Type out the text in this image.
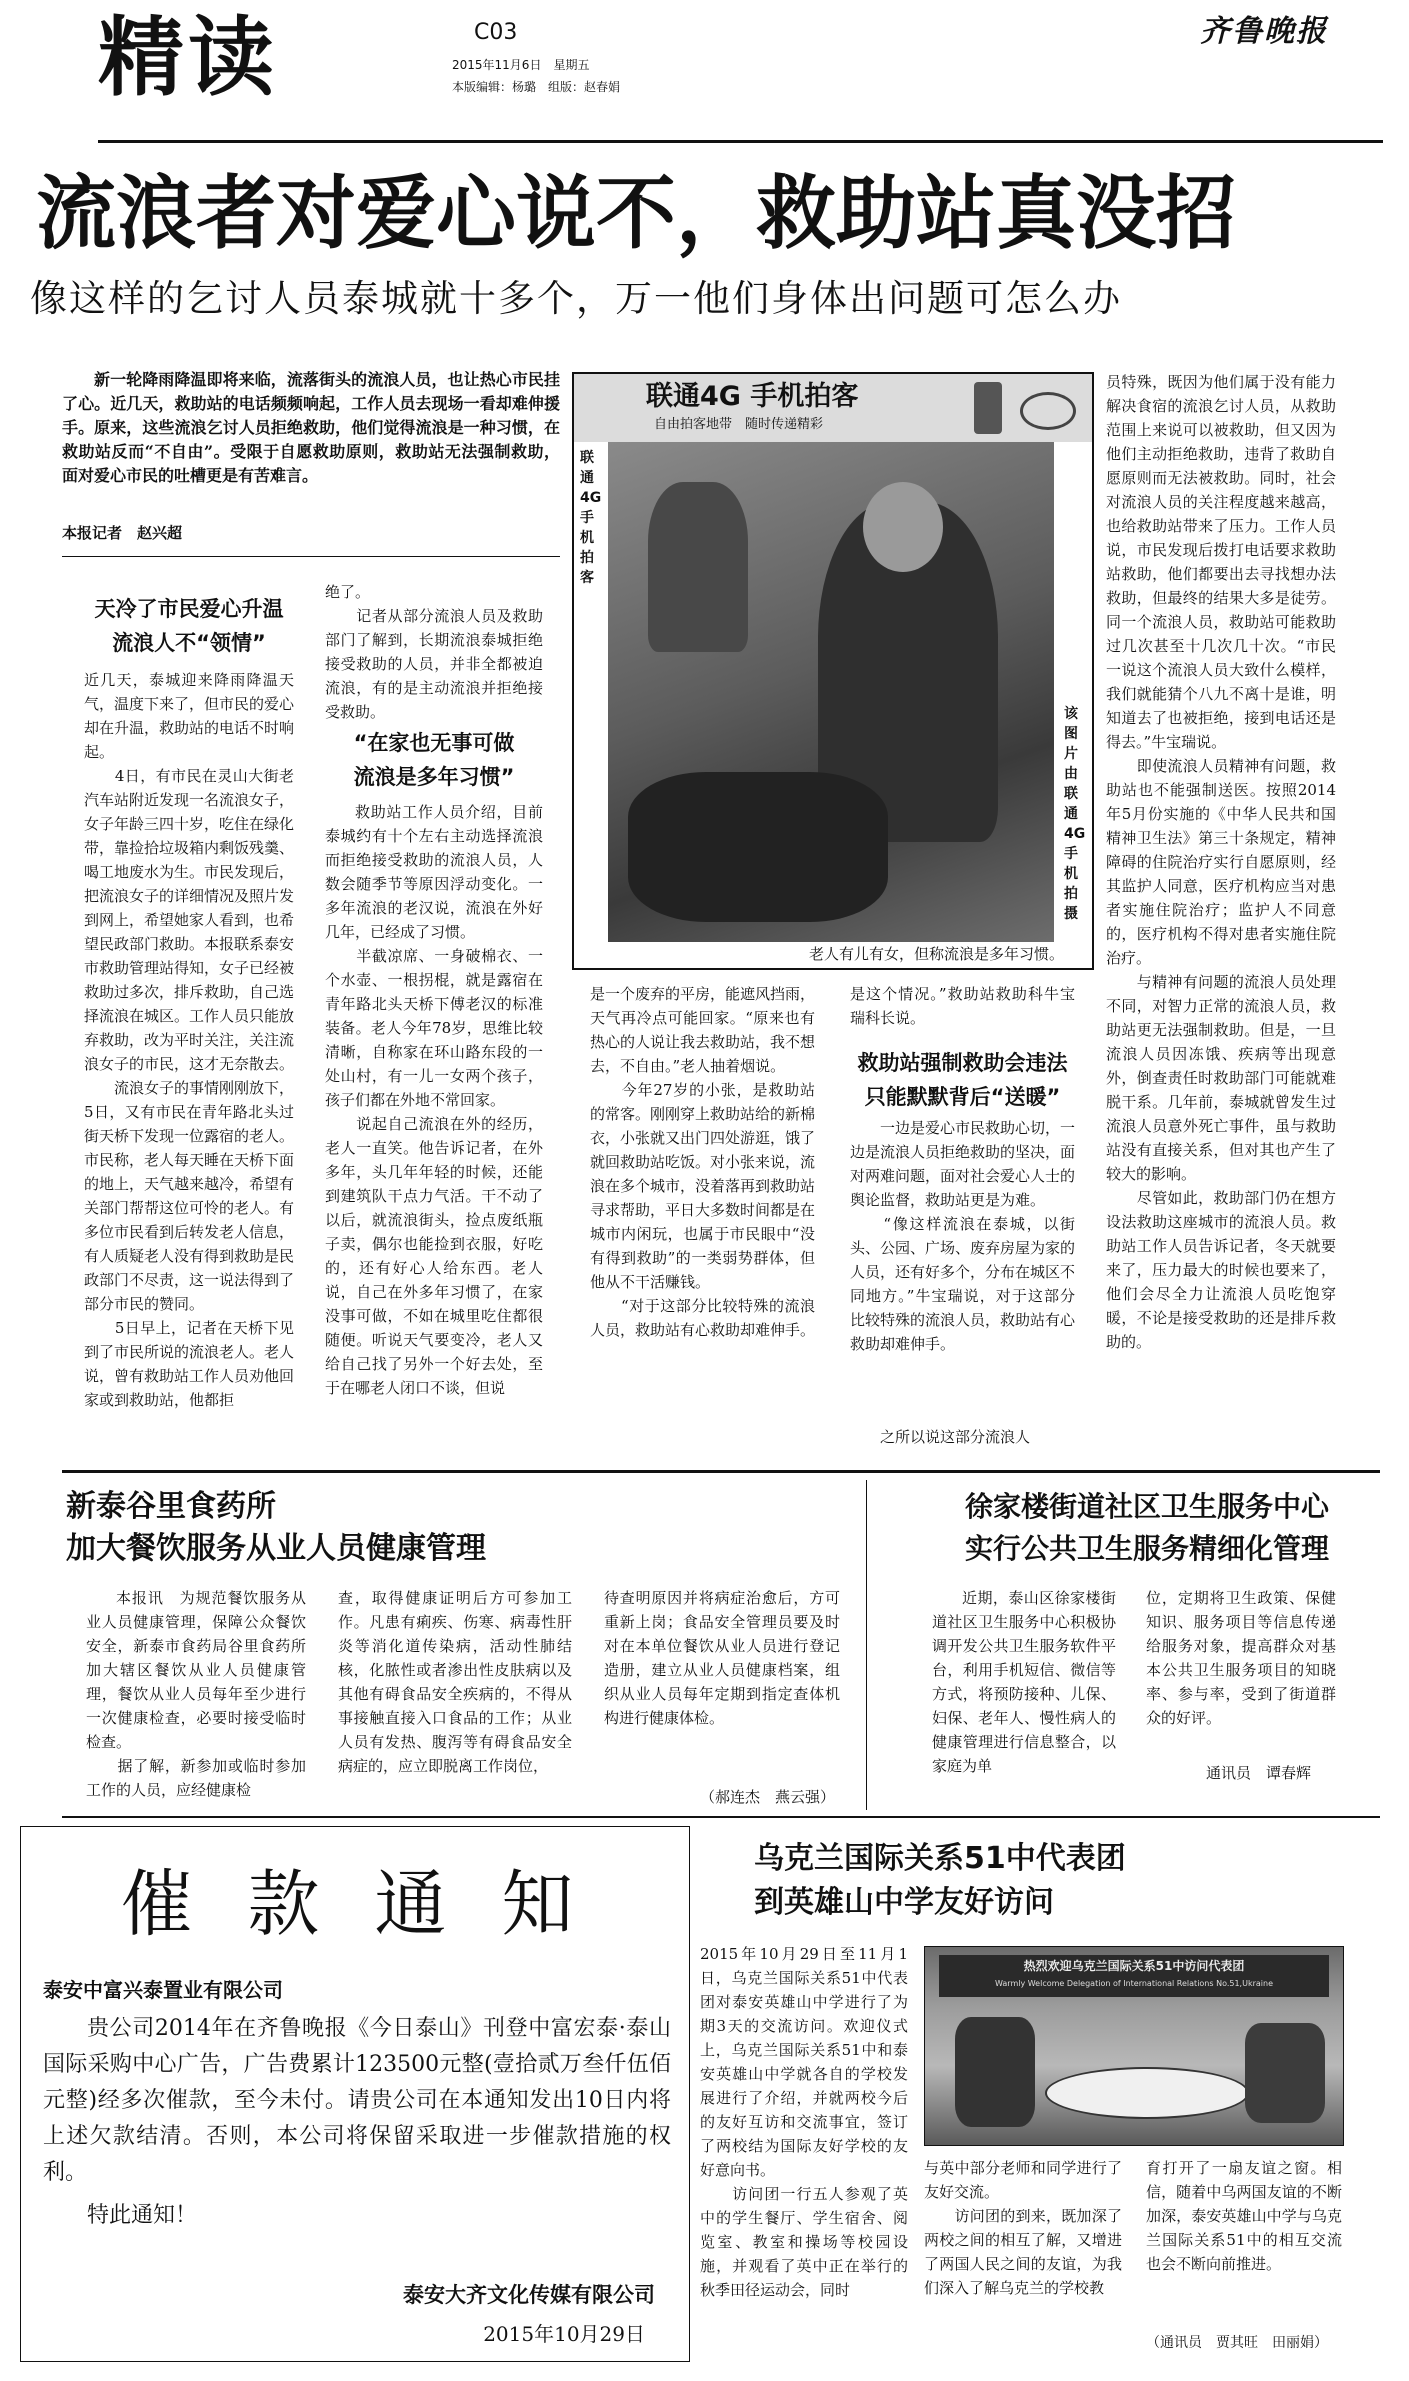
精读	C03
2015年11月6日　星期五
本版编辑：杨璐　组版：赵春娟
齐鲁晚报
流浪者对爱心说不，救助站真没招
像这样的乞讨人员泰城就十多个，万一他们身体出问题可怎么办
新一轮降雨降温即将来临，流落街头的流浪人员，也让热心市民挂了心。近几天，救助站的电话频频响起，工作人员去现场一看却难伸援手。原来，这些流浪乞讨人员拒绝救助，他们觉得流浪是一种习惯，在救助站反而“不自由”。受限于自愿救助原则，救助站无法强制救助，面对爱心市民的吐槽更是有苦难言。
本报记者　赵兴超
天冷了市民爱心升温
流浪人不“领情”
近几天，泰城迎来降雨降温天气，温度下来了，但市民的爱心却在升温，救助站的电话不时响起。
　　4日，有市民在灵山大街老汽车站附近发现一名流浪女子，女子年龄三四十岁，吃住在绿化带，靠捡拾垃圾箱内剩饭残羹、喝工地废水为生。市民发现后，把流浪女子的详细情况及照片发到网上，希望她家人看到，也希望民政部门救助。本报联系泰安市救助管理站得知，女子已经被救助过多次，排斥救助，自己选择流浪在城区。工作人员只能放弃救助，改为平时关注，关注流浪女子的市民，这才无奈散去。
　　流浪女子的事情刚刚放下，5日，又有市民在青年路北头过街天桥下发现一位露宿的老人。市民称，老人每天睡在天桥下面的地上，天气越来越冷，希望有关部门帮帮这位可怜的老人。有多位市民看到后转发老人信息，有人质疑老人没有得到救助是民政部门不尽责，这一说法得到了部分市民的赞同。
　　5日早上，记者在天桥下见到了市民所说的流浪老人。老人说，曾有救助站工作人员劝他回家或到救助站，他都拒
绝了。
　　记者从部分流浪人员及救助部门了解到，长期流浪泰城拒绝接受救助的人员，并非全都被迫流浪，有的是主动流浪并拒绝接受救助。
“在家也无事可做
流浪是多年习惯”
救助站工作人员介绍，目前泰城约有十个左右主动选择流浪而拒绝接受救助的流浪人员，人数会随季节等原因浮动变化。一多年流浪的老汉说，流浪在外好几年，已经成了习惯。
　　半截凉席、一身破棉衣、一个水壶、一根拐棍，就是露宿在青年路北头天桥下傅老汉的标准装备。老人今年78岁，思维比较清晰，自称家在环山路东段的一处山村，有一儿一女两个孩子，孩子们都在外地不常回家。
　　说起自己流浪在外的经历，老人一直笑。他告诉记者，在外多年，头几年年轻的时候，还能到建筑队干点力气活。干不动了以后，就流浪街头，捡点废纸瓶子卖，偶尔也能捡到衣服，好吃的，还有好心人给东西。老人说，自己在外多年习惯了，在家没事可做，不如在城里吃住都很随便。听说天气要变冷，老人又给自己找了另外一个好去处，至于在哪老人闭口不谈，但说
联通4G 手机拍客
自由拍客地带　随时传递精彩
联通4G手机拍客
该图片由联通4G手机拍摄
老人有儿有女，但称流浪是多年习惯。
是一个废弃的平房，能遮风挡雨，天气再冷点可能回家。“原来也有热心的人说让我去救助站，我不想去，不自由。”老人抽着烟说。
　　今年27岁的小张，是救助站的常客。刚刚穿上救助站给的新棉衣，小张就又出门四处游逛，饿了就回救助站吃饭。对小张来说，流浪在多个城市，没着落再到救助站寻求帮助，平日大多数时间都是在城市内闲玩，也属于市民眼中“没有得到救助”的一类弱势群体，但他从不干活赚钱。
　　“对于这部分比较特殊的流浪人员，救助站有心救助却难伸手。
　　之所以说这部分流浪人
是这个情况。”救助站救助科牛宝瑞科长说。
救助站强制救助会违法
只能默默背后“送暖”
一边是爱心市民救助心切，一边是流浪人员拒绝救助的坚决，面对两难问题，面对社会爱心人士的舆论监督，救助站更是为难。
　　“像这样流浪在泰城，以街头、公园、广场、废弃房屋为家的人员，还有好多个，分布在城区不同地方。”牛宝瑞说，对于这部分比较特殊的流浪人员，救助站有心救助却难伸手。
员特殊，既因为他们属于没有能力解决食宿的流浪乞讨人员，从救助范围上来说可以被救助，但又因为他们主动拒绝救助，违背了救助自愿原则而无法被救助。同时，社会对流浪人员的关注程度越来越高，也给救助站带来了压力。工作人员说，市民发现后拨打电话要求救助站救助，他们都要出去寻找想办法救助，但最终的结果大多是徒劳。同一个流浪人员，救助站可能救助过几次甚至十几次几十次。“市民一说这个流浪人员大致什么模样，我们就能猜个八九不离十是谁，明知道去了也被拒绝，接到电话还是得去。”牛宝瑞说。
　　即使流浪人员精神有问题，救助站也不能强制送医。按照2014年5月份实施的《中华人民共和国精神卫生法》第三十条规定，精神障碍的住院治疗实行自愿原则，经其监护人同意，医疗机构应当对患者实施住院治疗；监护人不同意的，医疗机构不得对患者实施住院治疗。
　　与精神有问题的流浪人员处理不同，对智力正常的流浪人员，救助站更无法强制救助。但是，一旦流浪人员因冻饿、疾病等出现意外，倒查责任时救助部门可能就难脱干系。几年前，泰城就曾发生过流浪人员意外死亡事件，虽与救助站没有直接关系，但对其也产生了较大的影响。
　　尽管如此，救助部门仍在想方设法救助这座城市的流浪人员。救助站工作人员告诉记者，冬天就要来了，压力最大的时候也要来了，他们会尽全力让流浪人员吃饱穿暖，不论是接受救助的还是排斥救助的。
新泰谷里食药所
加大餐饮服务从业人员健康管理
本报讯　为规范餐饮服务从业人员健康管理，保障公众餐饮安全，新泰市食药局谷里食药所加大辖区餐饮从业人员健康管理，餐饮从业人员每年至少进行一次健康检查，必要时接受临时检查。
　　据了解，新参加或临时参加工作的人员，应经健康检
查，取得健康证明后方可参加工作。凡患有痢疾、伤寒、病毒性肝炎等消化道传染病，活动性肺结核，化脓性或者渗出性皮肤病以及其他有碍食品安全疾病的，不得从事接触直接入口食品的工作；从业人员有发热、腹泻等有碍食品安全病症的，应立即脱离工作岗位，
待查明原因并将病症治愈后，方可重新上岗；食品安全管理员要及时对在本单位餐饮从业人员进行登记造册，建立从业人员健康档案，组织从业人员每年定期到指定查体机构进行健康体检。
（郝连杰　燕云强）
徐家楼街道社区卫生服务中心
实行公共卫生服务精细化管理
近期，泰山区徐家楼街道社区卫生服务中心积极协调开发公共卫生服务软件平台，利用手机短信、微信等方式，将预防接种、儿保、妇保、老年人、慢性病人的健康管理进行信息整合，以家庭为单
位，定期将卫生政策、保健知识、服务项目等信息传递给服务对象，提高群众对基本公共卫生服务项目的知晓率、参与率，受到了街道群众的好评。
通讯员　谭春辉
催 款 通 知
泰安中富兴泰置业有限公司
贵公司2014年在齐鲁晚报《今日泰山》刊登中富宏泰·泰山国际采购中心广告，广告费累计123500元整(壹拾贰万叁仟伍佰元整)经多次催款，至今未付。请贵公司在本通知发出10日内将上述欠款结清。否则，本公司将保留采取进一步催款措施的权利。
特此通知！
泰安大齐文化传媒有限公司
2015年10月29日
乌克兰国际关系51中代表团
到英雄山中学友好访问
2015年10月29日至11月1日，乌克兰国际关系51中代表团对泰安英雄山中学进行了为期3天的交流访问。欢迎仪式上，乌克兰国际关系51中和泰安英雄山中学就各自的学校发展进行了介绍，并就两校今后的友好互访和交流事宜，签订了两校结为国际友好学校的友好意向书。
　　访问团一行五人参观了英中的学生餐厅、学生宿舍、阅览室、教室和操场等校园设施，并观看了英中正在举行的秋季田径运动会，同时
热烈欢迎乌克兰国际关系51中访问代表团
Warmly Welcome Delegation of International Relations No.51,Ukraine
与英中部分老师和同学进行了友好交流。
　　访问团的到来，既加深了两校之间的相互了解，又增进了两国人民之间的友谊，为我们深入了解乌克兰的学校教
育打开了一扇友谊之窗。相信，随着中乌两国友谊的不断加深，泰安英雄山中学与乌克兰国际关系51中的相互交流也会不断向前推进。
（通讯员　贾其旺　田丽娟）
